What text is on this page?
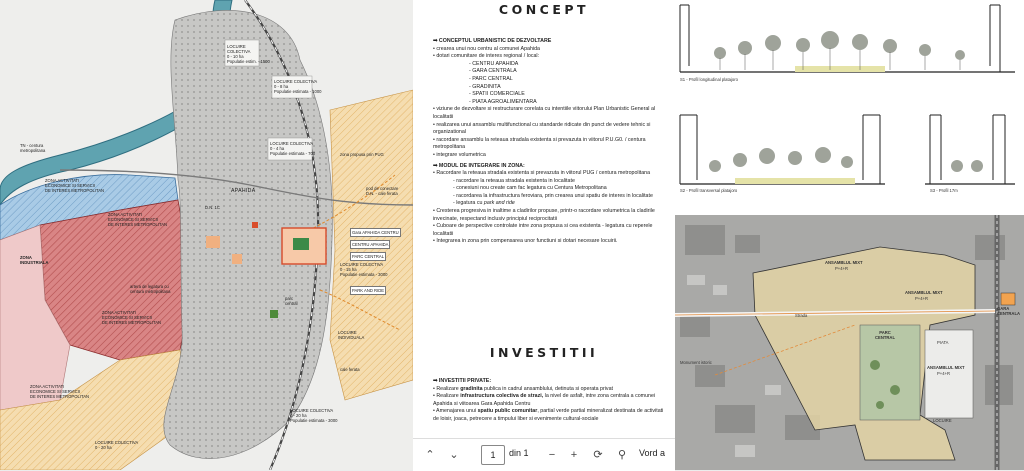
TN - centura
metropolitana
ZONA ACTIVITATI
ECONOMICE SI SERVICII
DE INTERES METROPOLITAN
ZONA
INDUSTRIALA
ZONA ACTIVITATI
ECONOMICE SI SERVICII
DE INTERES METROPOLITAN
artera de legatura cu
centura metropolitana
ZONA ACTIVITATI
ECONOMICE SI SERVICII
DE INTERES METROPOLITAN
ZONA ACTIVITATI
ECONOMICE SI SERVICII
DE INTERES METROPOLITAN
APAHIDA
LOCUIRE
COLECTIVA
0 - 10 ha
Populatie estim. - 1500
LOCUIRE COLECTIVA
0 - 8 ha
Populatie estimata - 1000
LOCUIRE COLECTIVA
0 - 4 ha
Populatie estimata - 700
LOCUIRE COLECTIVA
0 - 15 ha
Populatie estimata - 3000
LOCUIRE COLECTIVA
0 - 20 ha
Populatie estimata - 3000
LOCUIRE COLECTIVA
0 - 20 ha
zona propusa prin PUG
pod de conectare
D.N. - cale ferata
LOCUIRE
INDIVIDUALA
Gara APAHIDA CENTRU
CENTRU APAHIDA
PARC CENTRAL
PARK AND RIDE
parc
central
cale ferata
D.N. 1C
CONCEPT
➡ CONCEPTUL URBANISTIC DE DEZVOLTARE
• crearea unui nou centru al comunei Apahida
• dotari comunitare de interes regional / local:
- CENTRU APAHIDA
- GARA CENTRALA
- PARC CENTRAL
- GRADINITA
- SPATII COMERCIALE
- PIATA AGROALIMENTARA
• viziune de dezvoltare si restructurare corelata cu intentiile viitorului Plan Urbanistic General al localitatii
• realizarea unui ansamblu multifunctional cu standarde ridicate din punct de vedere tehnic si organizational
• racordare ansamblu la reteaua stradala existenta si prevazuta in viitorul P.U.G0. / centura metropolitana
• integrare volumetrica
➡ MODUL DE INTEGRARE IN ZONA:
• Racordare la reteaua stradala existenta si prevazuta in viitorul PUG / centura metropolitana
- racordare la reteaua stradala existenta in localitate
- conexiuni nou create cam fac legatura cu Centura Metropolitana
- racordarea la infrastructura feroviara, prin crearea unui spatiu de interes in localitate
- legatura cu park and ride
• Cresterea progresiva in inaltime a cladirilor propuse, printr-o racordare volumetrica la cladirile invecinate, respectand inclusiv principiul reciprocitatii
• Cuboare de perspective controlate intre zona propusa si cea existenta - legatura cu reperele localitatii
• Integrarea in zona prin compensarea unor functiuni si dotari necesare locuirii.
INVESTITII
➡ INVESTITII PRIVATE:
• Realizare gradinita publica in cadrul ansamblului, detinuta si operata privat
• Realizare infrastructura colectiva de strazi, la nivel de asfalt, intre zona centrala a comunei Apahida si viitoarea Gara Apahida Centru
• Amenajarea unui spatiu public comunitar, partial verde partial mineralizat destinata de activitati de loisir, joaca, petrecere a timpului liber si evenimente cultural-sociale
⌃ ⌄	1	din 1	−	+	⟳ ⚲	Vord a
S1 - Profil longitudinal platajoro
S2 - Profil transversal platajoro	S3 - Profil 17m
ANSAMBLUL MIXT
P+4+R
ANSAMBLUL MIXT
P+4+R
ANSAMBLUL MIXT
P+4+R
PARC
CENTRAL
GARA
CENTRALA
Monument istoric
LOCUIRE
Strada
PIATA
